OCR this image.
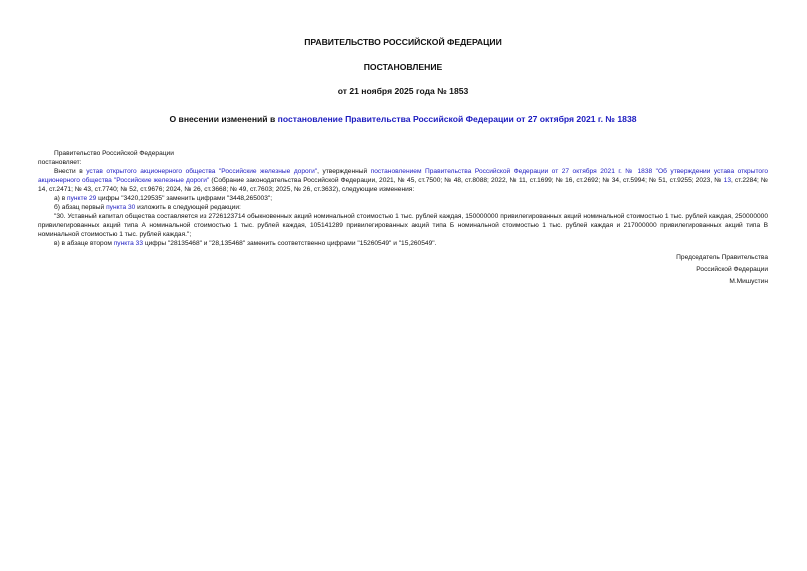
ПРАВИТЕЛЬСТВО РОССИЙСКОЙ ФЕДЕРАЦИИ
ПОСТАНОВЛЕНИЕ
от 21 ноября 2025 года № 1853
О внесении изменений в постановление Правительства Российской Федерации от 27 октября 2021 г. № 1838

Правительство Российской Федерации

постановляет:

Внести в устав открытого акционерного общества "Российские железные дороги", утвержденный постановлением Правительства Российской Федерации от 27 октября 2021 г. № 1838 "Об утверждении устава открытого акционерного общества "Российские железные дороги" (Собрание законодательства Российской Федерации, 2021, № 45, ст.7500; № 48, ст.8088; 2022, № 11, ст.1699; № 16, ст.2692; № 34, ст.5994; № 51, ст.9255; 2023, № 13, ст.2284; № 14, ст.2471; № 43, ст.7740; № 52, ст.9676; 2024, № 26, ст.3668; № 49, ст.7603; 2025, № 26, ст.3632), следующие изменения:

а) в пункте 29 цифры "3420,129535" заменить цифрами "3448,265003";

б) абзац первый пункта 30 изложить в следующей редакции:

"30. Уставный капитал общества составляется из 2726123714 обыкновенных акций номинальной стоимостью 1 тыс. рублей каждая, 150000000 привилегированных акций номинальной стоимостью 1 тыс. рублей каждая, 250000000 привилегированных акций типа А номинальной стоимостью 1 тыс. рублей каждая, 105141289 привилегированных акций типа Б номинальной стоимостью 1 тыс. рублей каждая и 217000000 привилегированных акций типа В номинальной стоимостью 1 тыс. рублей каждая.";

в) в абзаце втором пункта 33 цифры "28135468" и "28,135468" заменить соответственно цифрами "15260549" и "15,260549".

Председатель Правительства
Российской Федерации
М.Мишустин
